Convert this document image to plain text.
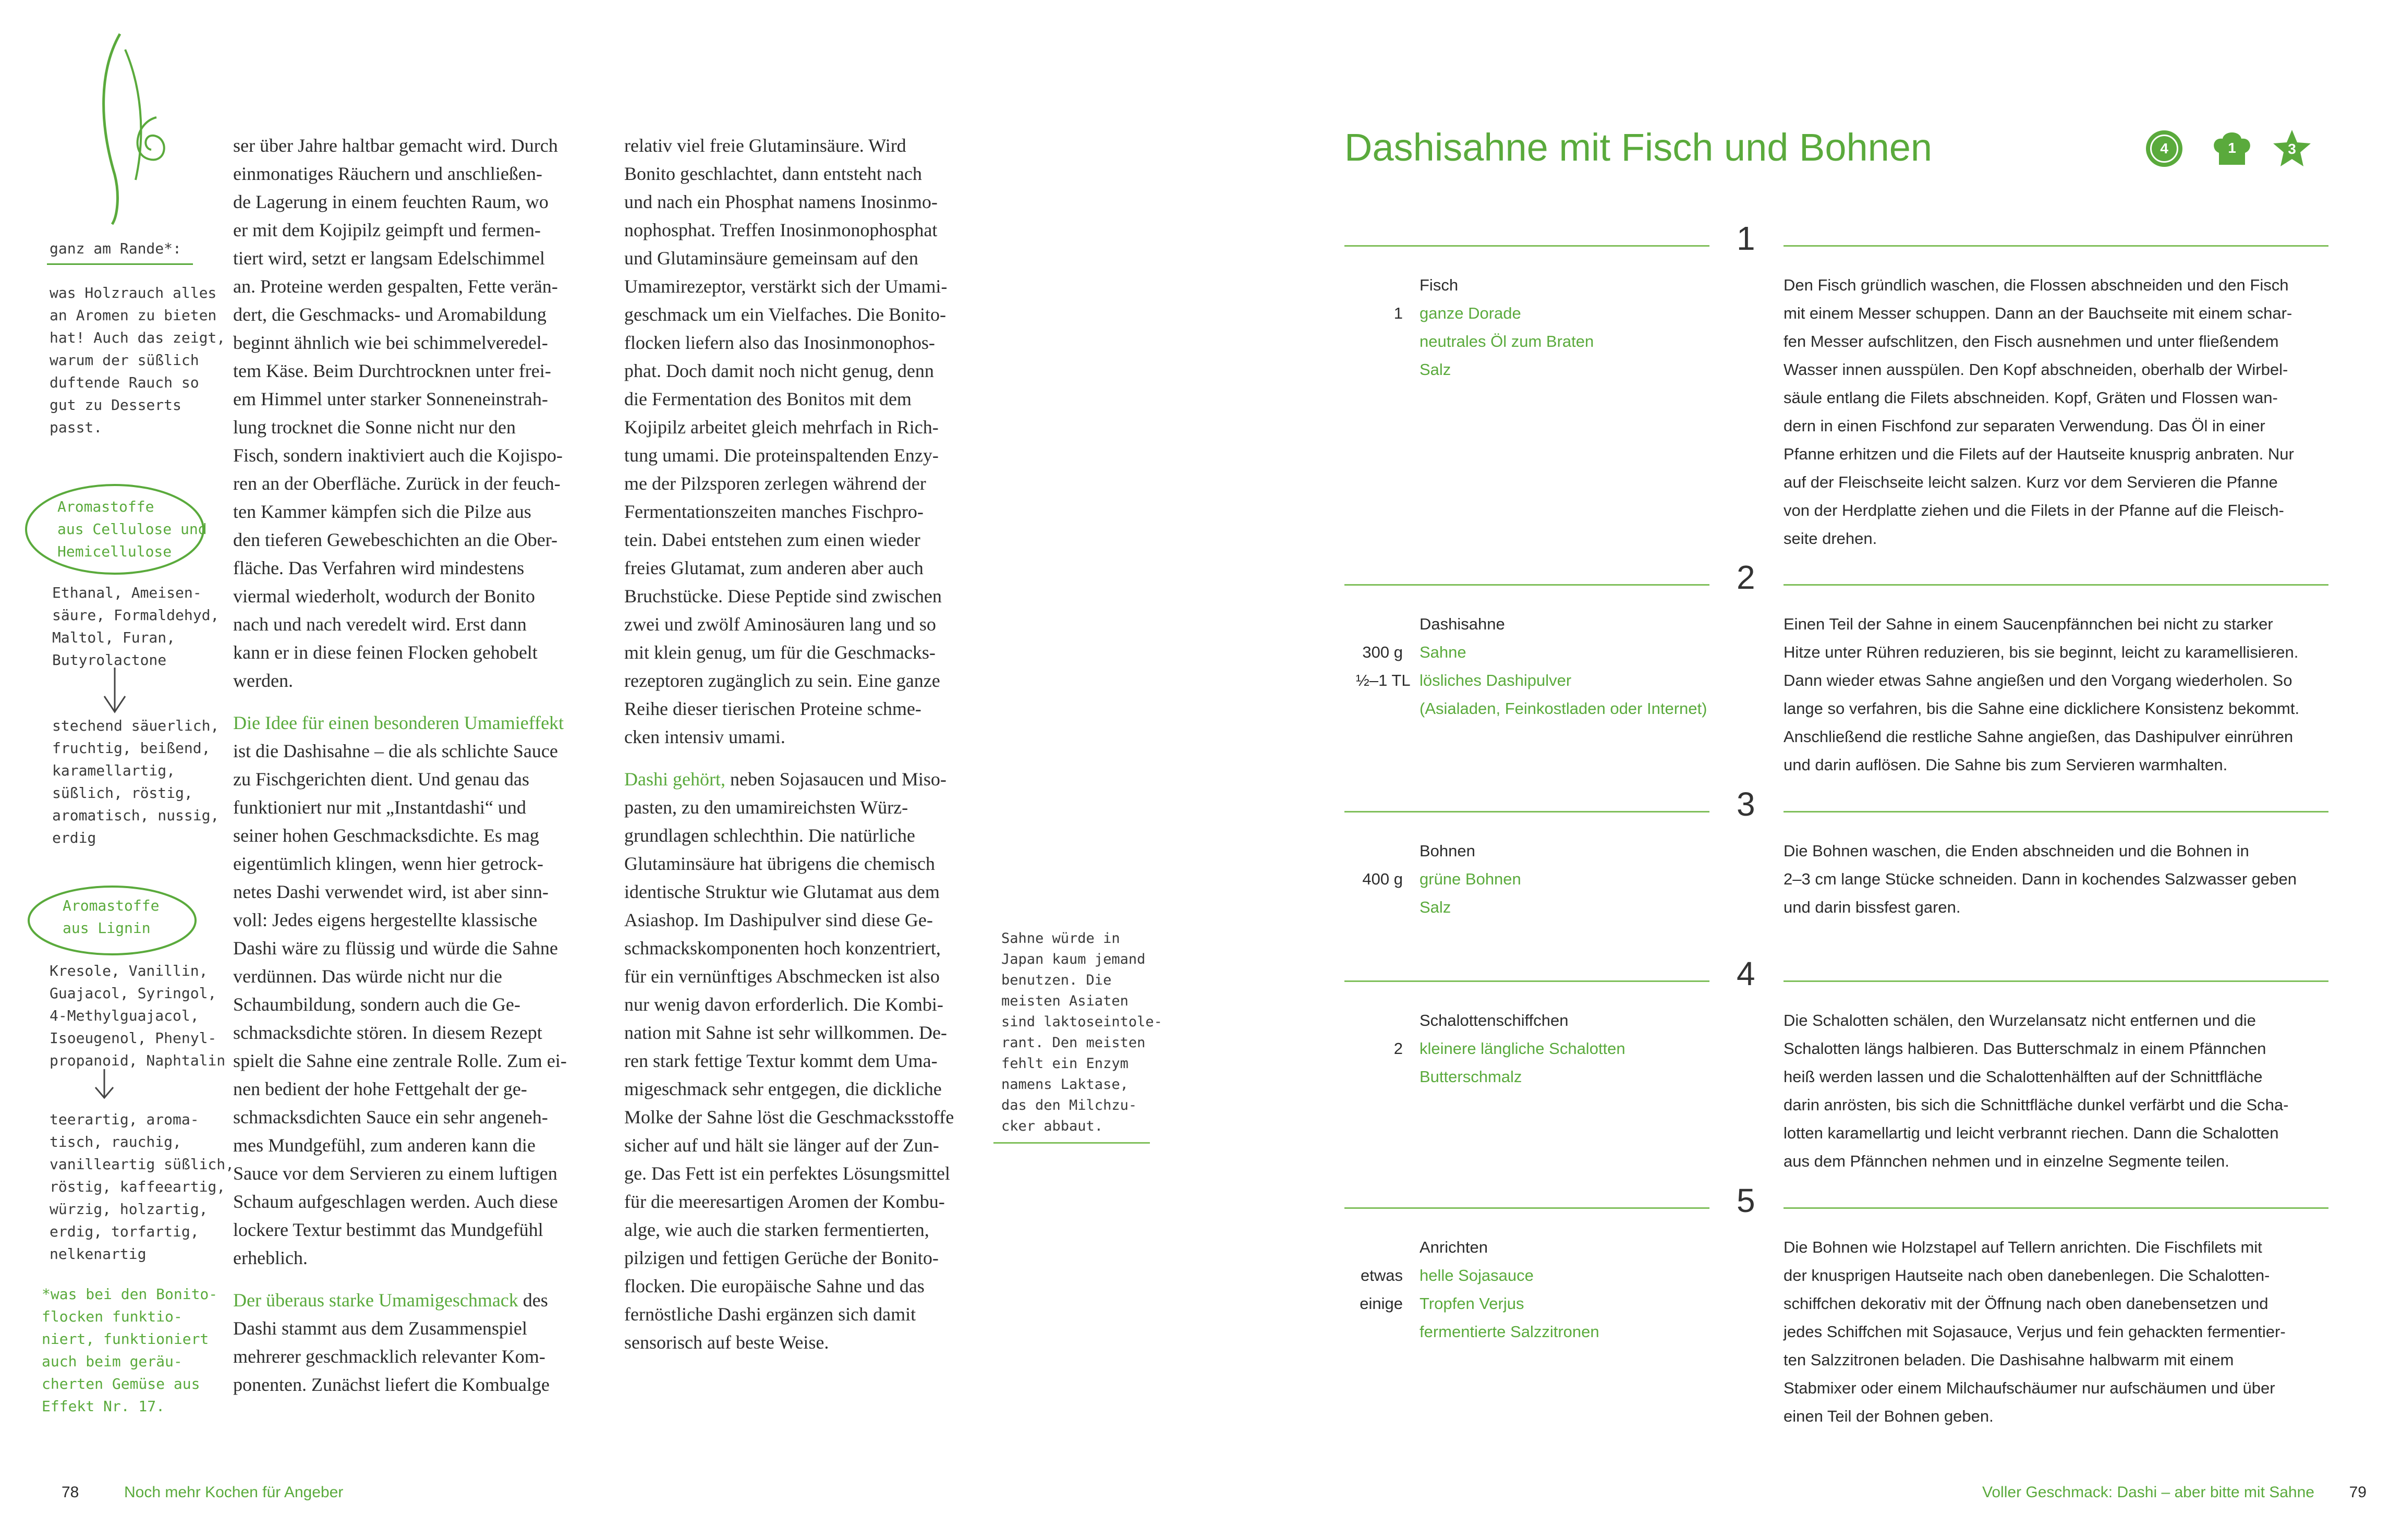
ganz am Rande*:
was Holzrauch alles
an Aromen zu bieten
hat! Auch das zeigt,
warum der süßlich
duftende Rauch so
gut zu Desserts
passt.
Aromastoffe
aus Cellulose und
Hemicellulose
Ethanal, Ameisen-
säure, Formaldehyd,
Maltol, Furan,
Butyrolactone
stechend säuerlich,
fruchtig, beißend,
karamellartig,
süßlich, röstig,
aromatisch, nussig,
erdig
Aromastoffe
aus Lignin
Kresole, Vanillin,
Guajacol, Syringol,
4-Methylguajacol,
Isoeugenol, Phenyl-
propanoid, Naphtalin
teerartig, aroma-
tisch, rauchig,
vanilleartig süßlich,
röstig, kaffeeartig,
würzig, holzartig,
erdig, torfartig,
nelkenartig
*was bei den Bonito-
flocken funktio-
niert, funktioniert
auch beim geräu-
cherten Gemüse aus
Effekt Nr. 17.
ser über Jahre haltbar gemacht wird. Durch
einmonatiges Räuchern und anschließen-
de Lagerung in einem feuchten Raum, wo
er mit dem Kojipilz geimpft und fermen-
tiert wird, setzt er langsam Edelschimmel
an. Proteine werden gespalten, Fette verän-
dert, die Geschmacks- und Aromabildung
beginnt ähnlich wie bei schimmelveredel-
tem Käse. Beim Durchtrocknen unter frei-
em Himmel unter starker Sonneneinstrah-
lung trocknet die Sonne nicht nur den
Fisch, sondern inaktiviert auch die Kojispo-
ren an der Oberfläche. Zurück in der feuch-
ten Kammer kämpfen sich die Pilze aus
den tieferen Gewebeschichten an die Ober-
fläche. Das Verfahren wird mindestens
viermal wiederholt, wodurch der Bonito
nach und nach veredelt wird. Erst dann
kann er in diese feinen Flocken gehobelt
werden.
Die Idee für einen besonderen Umamieffekt
ist die Dashisahne – die als schlichte Sauce
zu Fischgerichten dient. Und genau das
funktioniert nur mit „Instantdashi“ und
seiner hohen Geschmacksdichte. Es mag
eigentümlich klingen, wenn hier getrock-
netes Dashi verwendet wird, ist aber sinn-
voll: Jedes eigens hergestellte klassische
Dashi wäre zu flüssig und würde die Sahne
verdünnen. Das würde nicht nur die
Schaumbildung, sondern auch die Ge-
schmacksdichte stören. In diesem Rezept
spielt die Sahne eine zentrale Rolle. Zum ei-
nen bedient der hohe Fettgehalt der ge-
schmacksdichten Sauce ein sehr angeneh-
mes Mundgefühl, zum anderen kann die
Sauce vor dem Servieren zu einem luftigen
Schaum aufgeschlagen werden. Auch diese
lockere Textur bestimmt das Mundgefühl
erheblich.
Der überaus starke Umamigeschmack des
Dashi stammt aus dem Zusammenspiel
mehrerer geschmacklich relevanter Kom-
ponenten. Zunächst liefert die Kombualge
relativ viel freie Glutaminsäure. Wird
Bonito geschlachtet, dann entsteht nach
und nach ein Phosphat namens Inosinmo-
nophosphat. Treffen Inosinmonophosphat
und Glutaminsäure gemeinsam auf den
Umamirezeptor, verstärkt sich der Umami-
geschmack um ein Vielfaches. Die Bonito-
flocken liefern also das Inosinmonophos-
phat. Doch damit noch nicht genug, denn
die Fermentation des Bonitos mit dem
Kojipilz arbeitet gleich mehrfach in Rich-
tung umami. Die proteinspaltenden Enzy-
me der Pilzsporen zerlegen während der
Fermentationszeiten manches Fischpro-
tein. Dabei entstehen zum einen wieder
freies Glutamat, zum anderen aber auch
Bruchstücke. Diese Peptide sind zwischen
zwei und zwölf Aminosäuren lang und so
mit klein genug, um für die Geschmacks-
rezeptoren zugänglich zu sein. Eine ganze
Reihe dieser tierischen Proteine schme-
cken intensiv umami.
Dashi gehört, neben Sojasaucen und Miso-
pasten, zu den umamireichsten Würz-
grundlagen schlechthin. Die natürliche
Glutaminsäure hat übrigens die chemisch
identische Struktur wie Glutamat aus dem
Asiashop. Im Dashipulver sind diese Ge-
schmackskomponenten hoch konzentriert,
für ein vernünftiges Abschmecken ist also
nur wenig davon erforderlich. Die Kombi-
nation mit Sahne ist sehr willkommen. De-
ren stark fettige Textur kommt dem Uma-
migeschmack sehr entgegen, die dickliche
Molke der Sahne löst die Geschmacksstoffe
sicher auf und hält sie länger auf der Zun-
ge. Das Fett ist ein perfektes Lösungsmittel
für die meeresartigen Aromen der Kombu-
alge, wie auch die starken fermentierten,
pilzigen und fettigen Gerüche der Bonito-
flocken. Die europäische Sahne und das
fernöstliche Dashi ergänzen sich damit
sensorisch auf beste Weise.
Sahne würde in
Japan kaum jemand
benutzen. Die
meisten Asiaten
sind laktoseintole-
rant. Den meisten
fehlt ein Enzym
namens Laktase,
das den Milchzu-
cker abbaut.
Dashisahne mit Fisch und Bohnen	4	1	3
1
Fisch
1	ganze Dorade
neutrales Öl zum Braten
Salz
Den Fisch gründlich waschen, die Flossen abschneiden und den Fisch
mit einem Messer schuppen. Dann an der Bauchseite mit einem schar-
fen Messer aufschlitzen, den Fisch ausnehmen und unter fließendem
Wasser innen ausspülen. Den Kopf abschneiden, oberhalb der Wirbel-
säule entlang die Filets abschneiden. Kopf, Gräten und Flossen wan-
dern in einen Fischfond zur separaten Verwendung. Das Öl in einer
Pfanne erhitzen und die Filets auf der Hautseite knusprig anbraten. Nur
auf der Fleischseite leicht salzen. Kurz vor dem Servieren die Pfanne
von der Herdplatte ziehen und die Filets in der Pfanne auf die Fleisch-
seite drehen.
2
Dashisahne
300 g	Sahne
½–1 TL lösliches Dashipulver
(Asialaden, Feinkostladen oder Internet)
Einen Teil der Sahne in einem Saucenpfännchen bei nicht zu starker
Hitze unter Rühren reduzieren, bis sie beginnt, leicht zu karamellisieren.
Dann wieder etwas Sahne angießen und den Vorgang wiederholen. So
lange so verfahren, bis die Sahne eine dicklichere Konsistenz bekommt.
Anschließend die restliche Sahne angießen, das Dashipulver einrühren
und darin auflösen. Die Sahne bis zum Servieren warmhalten.
3
Bohnen
400 g	grüne Bohnen
Salz
Die Bohnen waschen, die Enden abschneiden und die Bohnen in
2–3 cm lange Stücke schneiden. Dann in kochendes Salzwasser geben
und darin bissfest garen.
4
Schalottenschiffchen
2	kleinere längliche Schalotten
Butterschmalz
Die Schalotten schälen, den Wurzelansatz nicht entfernen und die
Schalotten längs halbieren. Das Butterschmalz in einem Pfännchen
heiß werden lassen und die Schalottenhälften auf der Schnittfläche
darin anrösten, bis sich die Schnittfläche dunkel verfärbt und die Scha-
lotten karamellartig und leicht verbrannt riechen. Dann die Schalotten
aus dem Pfännchen nehmen und in einzelne Segmente teilen.
5
Anrichten
etwas	helle Sojasauce
einige	Tropfen Verjus
fermentierte Salzzitronen
Die Bohnen wie Holzstapel auf Tellern anrichten. Die Fischfilets mit
der knusprigen Hautseite nach oben danebenlegen. Die Schalotten-
schiffchen dekorativ mit der Öffnung nach oben danebensetzen und
jedes Schiffchen mit Sojasauce, Verjus und fein gehackten fermentier-
ten Salzzitronen beladen. Die Dashisahne halbwarm mit einem
Stabmixer oder einem Milchaufschäumer nur aufschäumen und über
einen Teil der Bohnen geben.
78	Noch mehr Kochen für Angeber	Voller Geschmack: Dashi – aber bitte mit Sahne 79
